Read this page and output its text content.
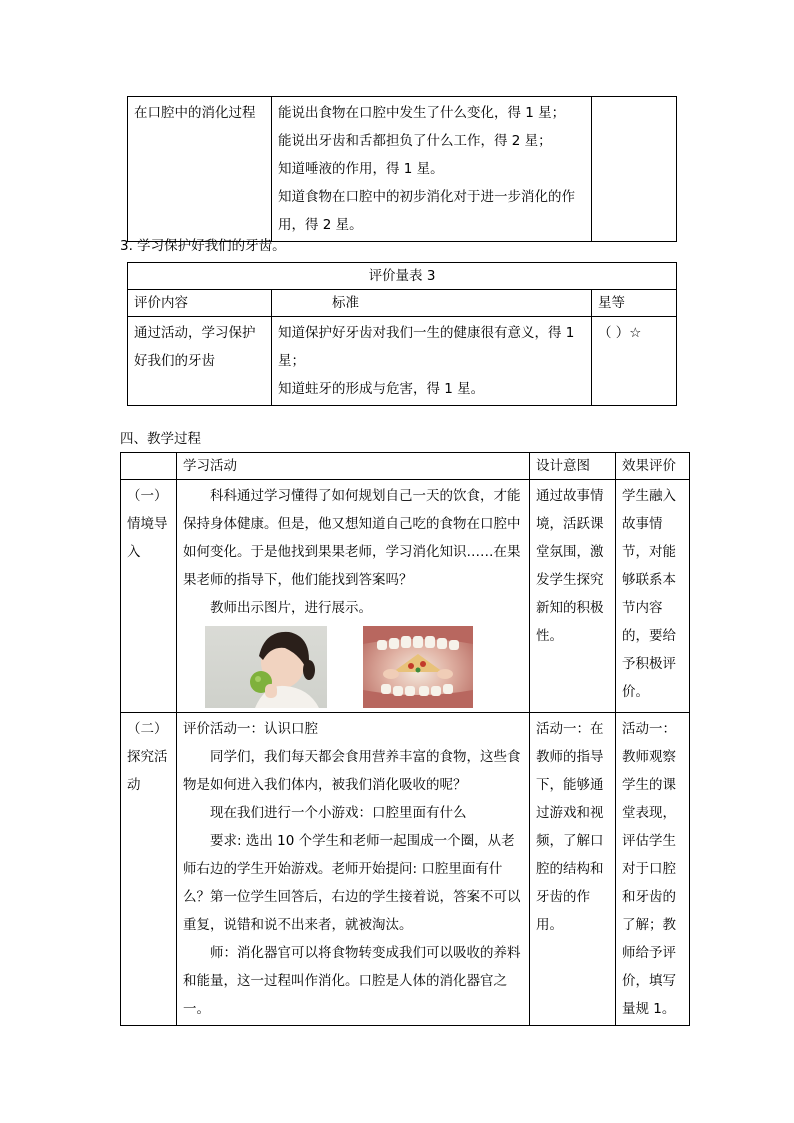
在口腔中的消化过程	能说出食物在口腔中发生了什么变化，得 1 星；
能说出牙齿和舌都担负了什么工作，得 2 星；
知道唾液的作用，得 1 星。
知道食物在口腔中的初步消化对于进一步消化的作用，得 2 星。

3. 学习保护好我们的牙齿。
评价量表 3		
评价内容	标准	星等
通过活动，学习保护好我们的牙齿	知道保护好牙齿对我们一生的健康很有意义，得 1 星；
知道蛀牙的形成与危害，得 1 星。	（ ）☆
四、教学过程
	学习活动	设计意图	效果评价
（一）情境导入	科科通过学习懂得了如何规划自己一天的饮食，才能保持身体健康。但是，他又想知道自己吃的食物在口腔中如何变化。于是他找到果果老师，学习消化知识……在果果老师的指导下，他们能找到答案吗？
教师出示图片，进行展示。	通过故事情境，活跃课堂氛围，激发学生探究新知的积极性。	学生融入故事情节，对能够联系本节内容的，要给予积极评价。
（二）探究活动	评价活动一：认识口腔
同学们，我们每天都会食用营养丰富的食物，这些食物是如何进入我们体内，被我们消化吸收的呢？
现在我们进行一个小游戏：口腔里面有什么
要求: 选出 10 个学生和老师一起围成一个圈，从老师右边的学生开始游戏。老师开始提问: 口腔里面有什么？第一位学生回答后，右边的学生接着说，答案不可以重复，说错和说不出来者，就被淘汰。
师：消化器官可以将食物转变成我们可以吸收的养料和能量，这一过程叫作消化。口腔是人体的消化器官之一。	活动一：在教师的指导下，能够通过游戏和视频，了解口腔的结构和牙齿的作用。	活动一：教师观察学生的课堂表现，评估学生对于口腔和牙齿的了解；教师给予评价，填写量规 1。
